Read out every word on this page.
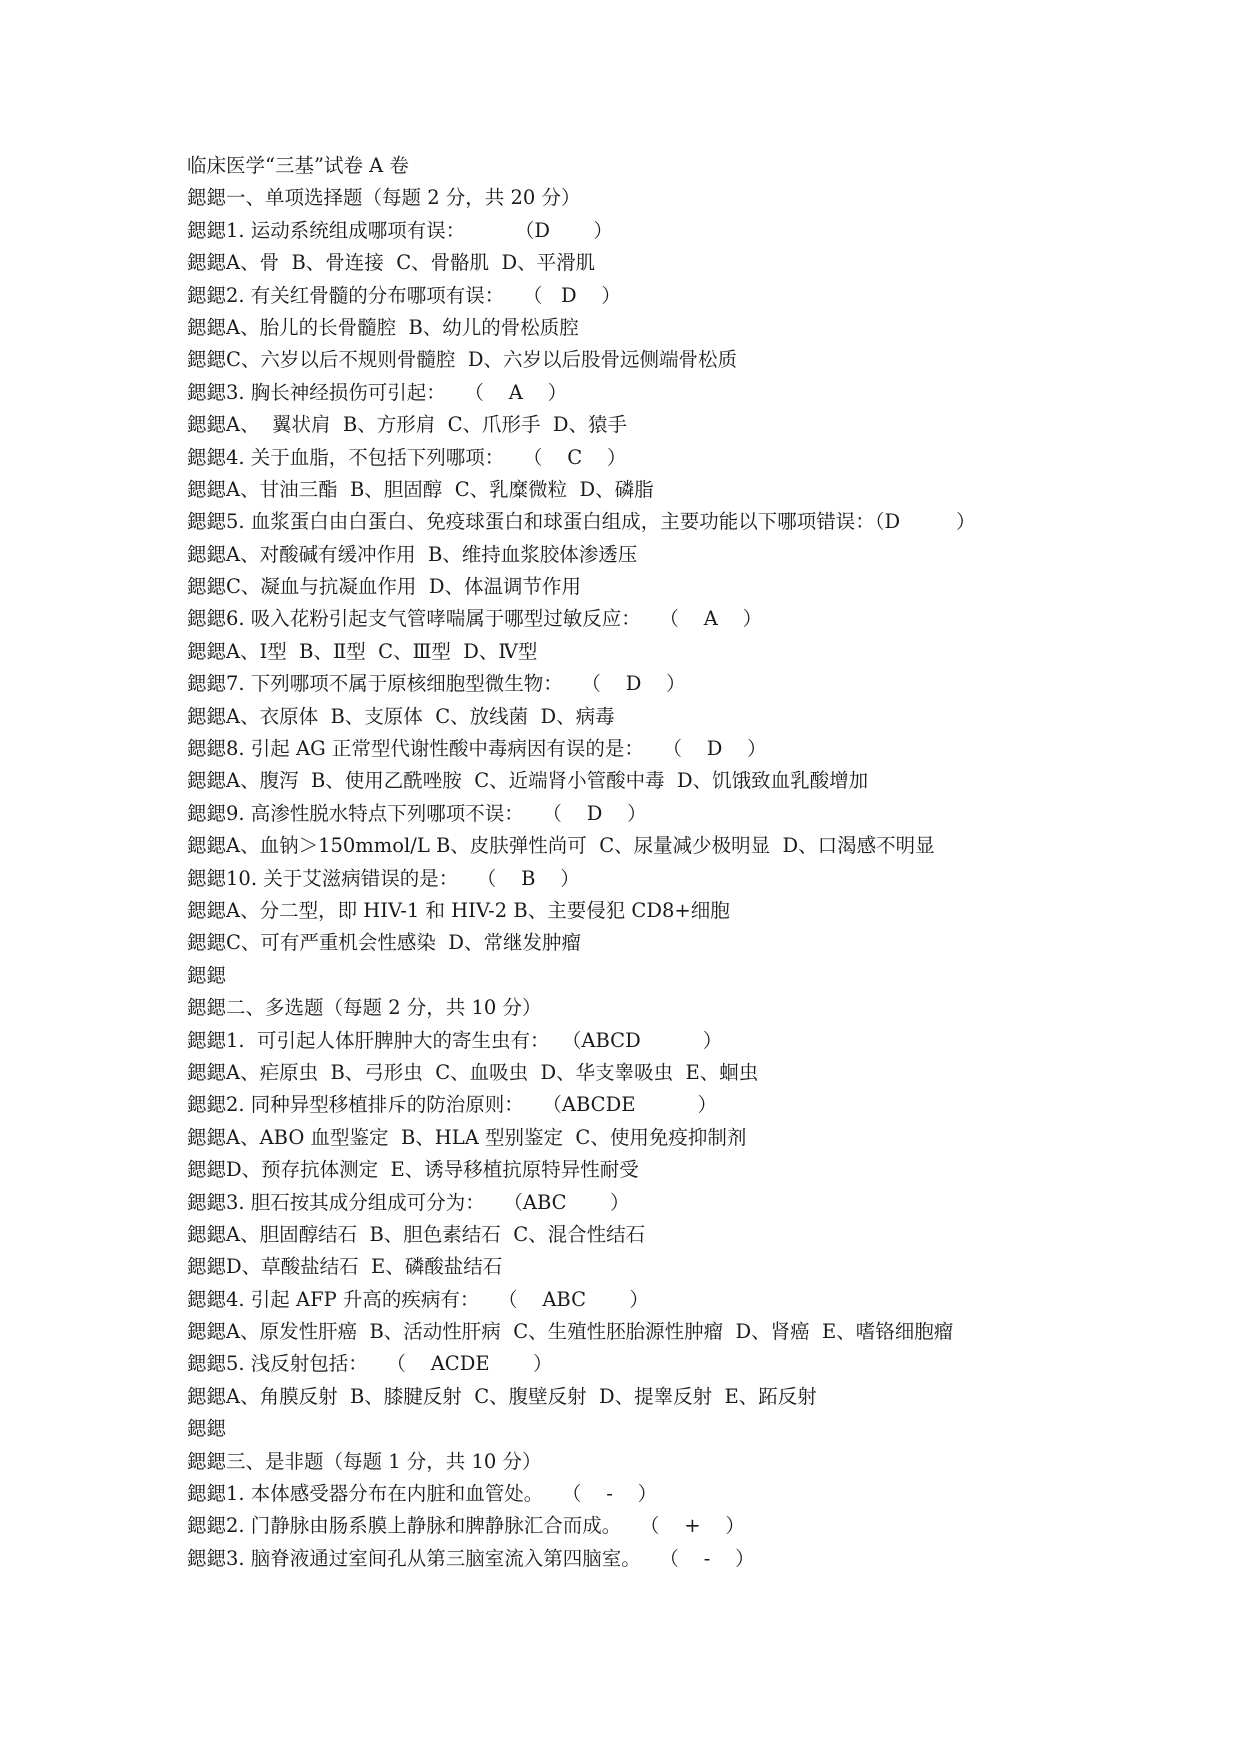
临床医学“三基”试卷 A 卷
鍶鍶一、单项选择题（每题 2 分，共 20 分）
鍶鍶1. 运动系统组成哪项有误：        （D       ）
鍶鍶A、骨  B、骨连接  C、骨骼肌  D、平滑肌
鍶鍶2. 有关红骨髓的分布哪项有误：   （   D    ）
鍶鍶A、胎儿的长骨髓腔  B、幼儿的骨松质腔
鍶鍶C、六岁以后不规则骨髓腔  D、六岁以后股骨远侧端骨松质
鍶鍶3. 胸长神经损伤可引起：   （    A    ）
鍶鍶A、  翼状肩  B、方形肩  C、爪形手  D、猿手
鍶鍶4. 关于血脂，不包括下列哪项：   （    C    ）
鍶鍶A、甘油三酯  B、胆固醇  C、乳糜微粒  D、磷脂
鍶鍶5. 血浆蛋白由白蛋白、免疫球蛋白和球蛋白组成，主要功能以下哪项错误：（D         ）
鍶鍶A、对酸碱有缓冲作用  B、维持血浆胶体渗透压
鍶鍶C、凝血与抗凝血作用  D、体温调节作用
鍶鍶6. 吸入花粉引起支气管哮喘属于哪型过敏反应：   （    A    ）
鍶鍶A、Ⅰ型  B、Ⅱ型  C、Ⅲ型  D、Ⅳ型
鍶鍶7. 下列哪项不属于原核细胞型微生物：   （    D    ）
鍶鍶A、衣原体  B、支原体  C、放线菌  D、病毒
鍶鍶8. 引起 AG 正常型代谢性酸中毒病因有误的是：   （    D    ）
鍶鍶A、腹泻  B、使用乙酰唑胺  C、近端肾小管酸中毒  D、饥饿致血乳酸增加
鍶鍶9. 高渗性脱水特点下列哪项不误：   （    D    ）
鍶鍶A、血钠＞150mmol/L B、皮肤弹性尚可  C、尿量减少极明显  D、口渴感不明显
鍶鍶10. 关于艾滋病错误的是：   （    B    ）
鍶鍶A、分二型，即 HIV-1 和 HIV-2 B、主要侵犯 CD8+细胞
鍶鍶C、可有严重机会性感染  D、常继发肿瘤
鍶鍶
鍶鍶二、多选题（每题 2 分，共 10 分）
鍶鍶1.  可引起人体肝脾肿大的寄生虫有：  （ABCD          ）
鍶鍶A、疟原虫  B、弓形虫  C、血吸虫  D、华支睾吸虫  E、蛔虫
鍶鍶2. 同种异型移植排斥的防治原则：   （ABCDE          ）
鍶鍶A、ABO 血型鉴定  B、HLA 型别鉴定  C、使用免疫抑制剂
鍶鍶D、预存抗体测定  E、诱导移植抗原特异性耐受
鍶鍶3. 胆石按其成分组成可分为：   （ABC       ）
鍶鍶A、胆固醇结石  B、胆色素结石  C、混合性结石
鍶鍶D、草酸盐结石  E、磷酸盐结石
鍶鍶4. 引起 AFP 升高的疾病有：   （    ABC       ）
鍶鍶A、原发性肝癌  B、活动性肝病  C、生殖性胚胎源性肿瘤  D、肾癌  E、嗜铬细胞瘤
鍶鍶5. 浅反射包括：   （    ACDE       ）
鍶鍶A、角膜反射  B、膝腱反射  C、腹壁反射  D、提睾反射  E、跖反射
鍶鍶
鍶鍶三、是非题（每题 1 分，共 10 分）
鍶鍶1. 本体感受器分布在内脏和血管处。   （    -    ）
鍶鍶2. 门静脉由肠系膜上静脉和脾静脉汇合而成。   （    +    ）
鍶鍶3. 脑脊液通过室间孔从第三脑室流入第四脑室。   （    -    ）
